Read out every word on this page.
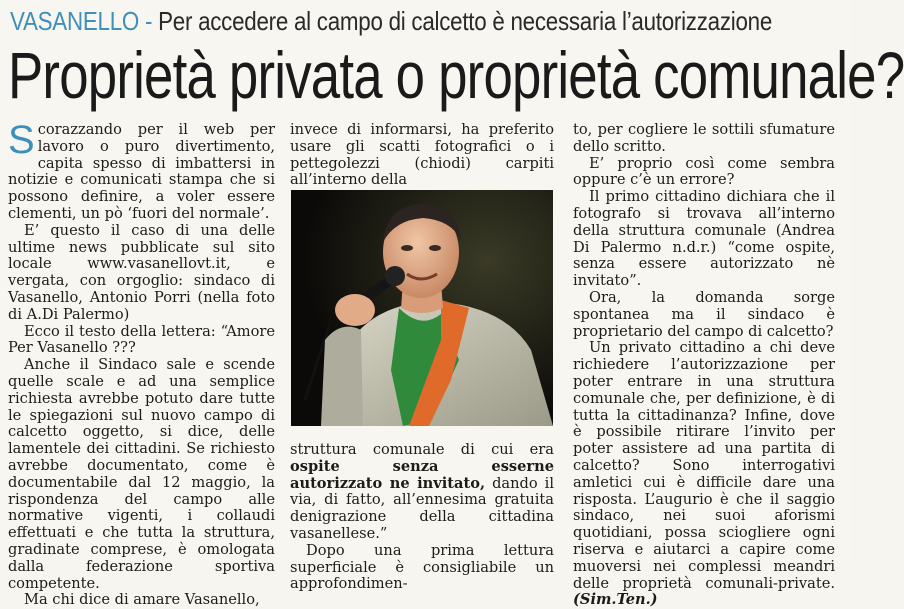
VASANELLO - Per accedere al campo di calcetto è necessaria l’autorizzazione
Proprietà privata o proprietà comunale?

Scorazzando per il web per lavoro o puro divertimento, capita spesso di imbattersi in notizie e comunicati stampa che si possono definire, a voler essere clementi, un pò ‘fuori del normale’.

E’ questo il caso di una delle ultime news pubblicate sul sito locale www.vasanellovt.it, e vergata, con orgoglio: sindaco di Vasanello, Antonio Porri (nella foto di A.Di Palermo)

Ecco il testo della lettera: “Amore Per Vasanello ???

Anche il Sindaco sale e scende quelle scale e ad una semplice richiesta avrebbe potuto dare tutte le spiegazioni sul nuovo campo di calcetto oggetto, si dice, delle lamentele dei cittadini. Se richiesto avrebbe documentato, come è documentabile dal 12 maggio, la rispondenza del campo alle normative vigenti, i collaudi effettuati e che tutta la struttura, gradinate comprese, è omologata dalla federazione sportiva competente.

Ma chi dice di amare Vasanello,

invece di informarsi, ha preferito usare gli scatti fotografici o i pettegolezzi (chiodi) carpiti all’interno della

struttura comunale di cui era ospite senza esserne autorizzato ne invitato, dando il via, di fatto, all’ennesima gratuita denigrazione della cittadina vasanellese.”

Dopo una prima lettura superficiale è consigliabile un approfondimen-

to, per cogliere le sottili sfumature dello scritto.

E’ proprio così come sembra oppure c’è un errore?

Il primo cittadino dichiara che il fotografo si trovava all’interno della struttura comunale (Andrea Di Palermo n.d.r.) “come ospite, senza essere autorizzato nè invitato”.

Ora, la domanda sorge spontanea ma il sindaco è proprietario del campo di calcetto?

Un privato cittadino a chi deve richiedere l’autorizzazione per poter entrare in una struttura comunale che, per definizione, è di tutta la cittadinanza? Infine, dove è possibile ritirare l’invito per poter assistere ad una partita di calcetto? Sono interrogativi amletici cui è difficile dare una risposta. L’augurio è che il saggio sindaco, nei suoi aforismi quotidiani, possa sciogliere ogni riserva e aiutarci a capire come muoversi nei complessi meandri delle proprietà comunali-private. (Sim.Ten.)
